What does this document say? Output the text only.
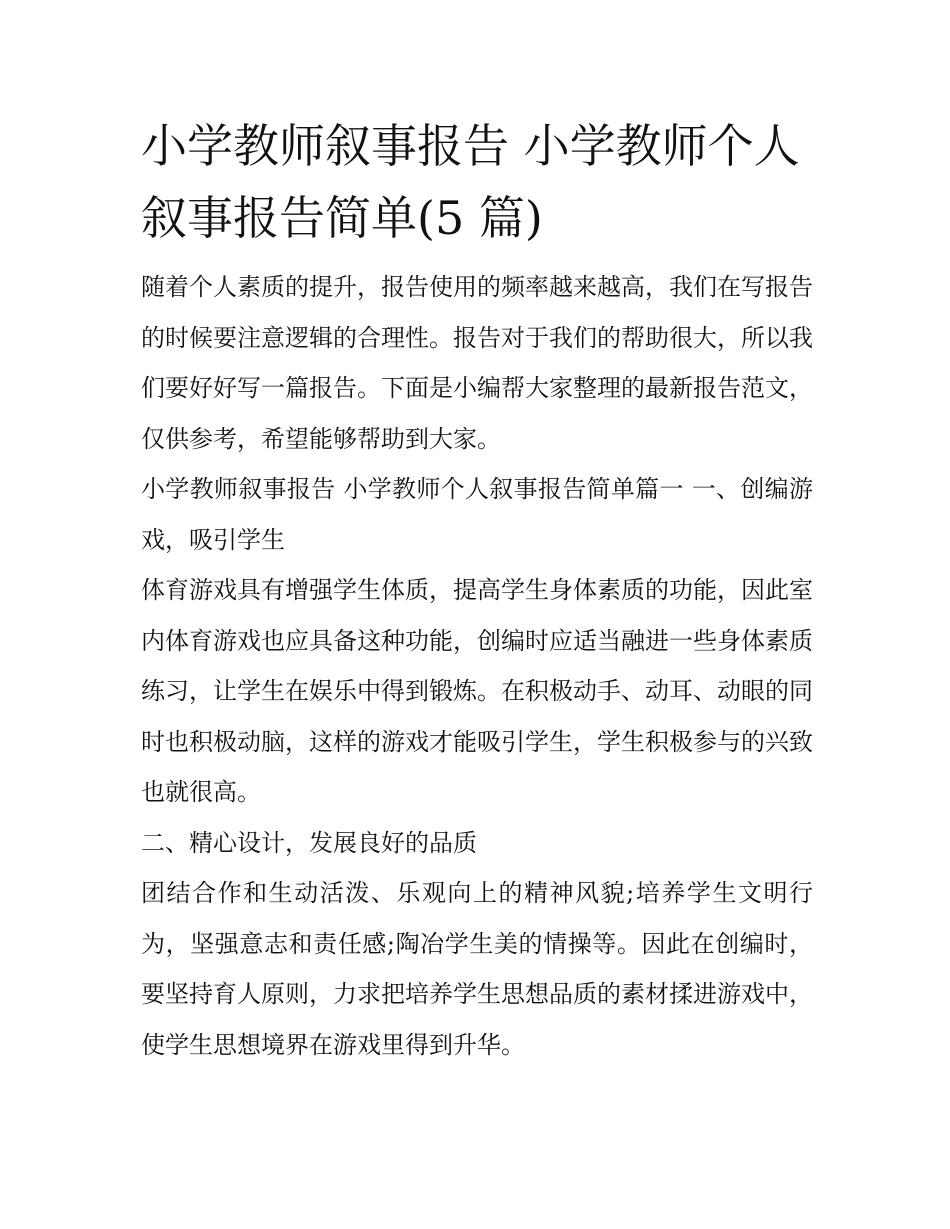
小学教师叙事报告 小学教师个人叙事报告简单(5 篇)

随着个人素质的提升，报告使用的频率越来越高，我们在写报告的时候要注意逻辑的合理性。报告对于我们的帮助很大，所以我们要好好写一篇报告。下面是小编帮大家整理的最新报告范文，仅供参考，希望能够帮助到大家。

小学教师叙事报告 小学教师个人叙事报告简单篇一 一、创编游戏，吸引学生

体育游戏具有增强学生体质，提高学生身体素质的功能，因此室内体育游戏也应具备这种功能，创编时应适当融进一些身体素质练习，让学生在娱乐中得到锻炼。在积极动手、动耳、动眼的同时也积极动脑，这样的游戏才能吸引学生，学生积极参与的兴致也就很高。

二、精心设计，发展良好的品质

团结合作和生动活泼、乐观向上的精神风貌;培养学生文明行为，坚强意志和责任感;陶冶学生美的情操等。因此在创编时，要坚持育人原则，力求把培养学生思想品质的素材揉进游戏中，使学生思想境界在游戏里得到升华。
